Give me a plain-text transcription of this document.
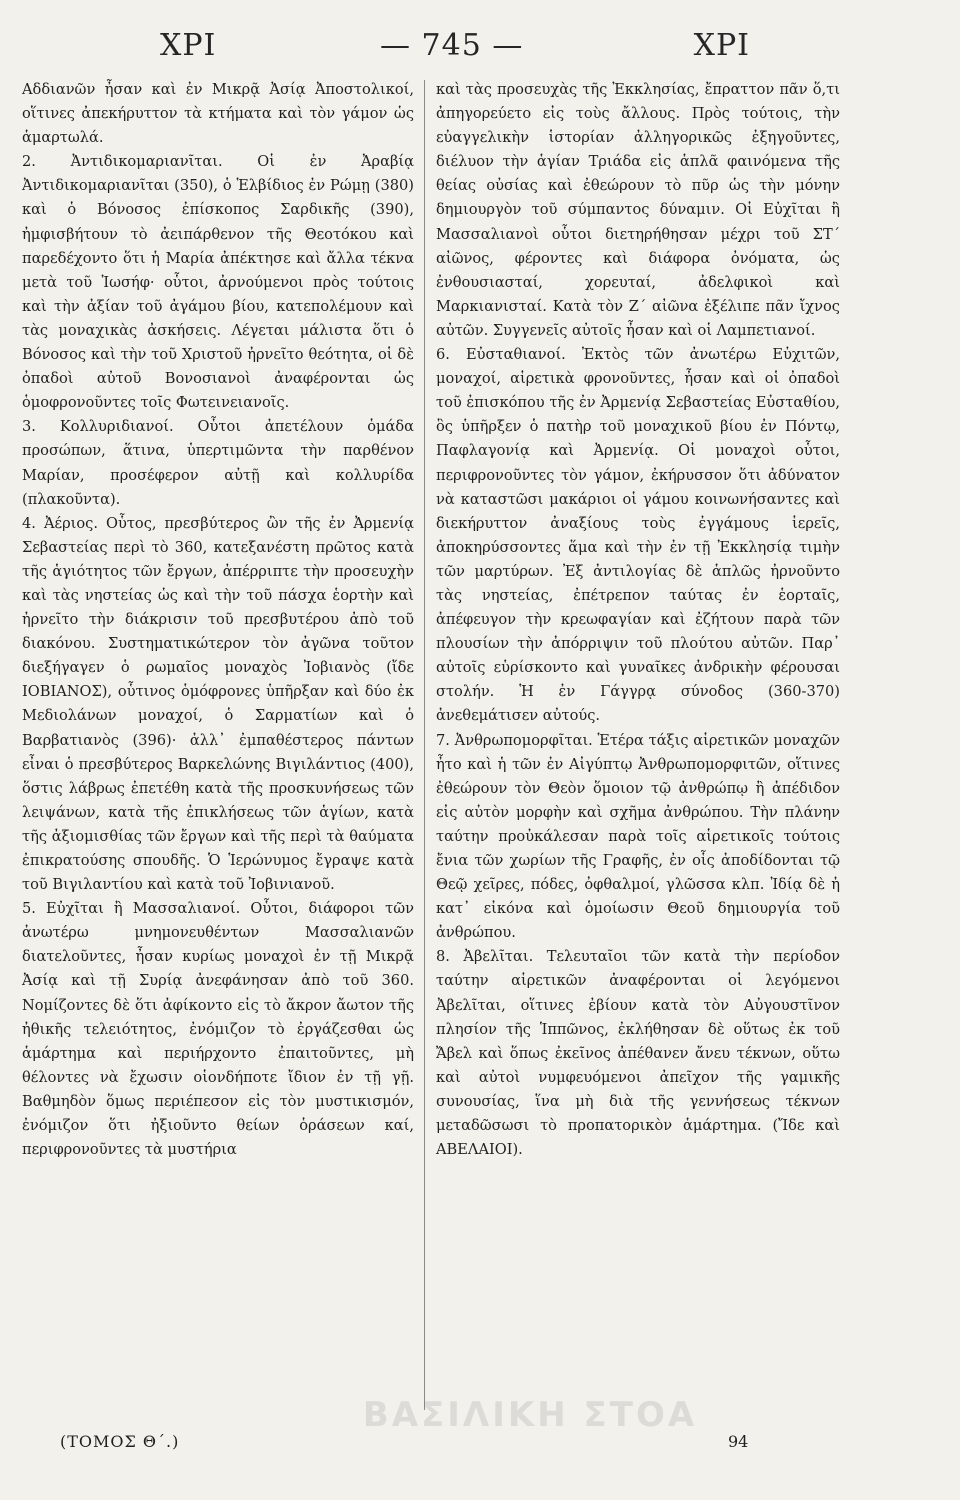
ΧΡΙ	— 745 —	ΧΡΙ

Αδδιανῶν ἦσαν καὶ ἐν Μικρᾷ Ἀσίᾳ Ἀποστολικοί, οἵτινες ἀπεκήρυττον τὰ κτήματα καὶ τὸν γάμον ὡς ἁμαρτωλά.

2. Ἀντιδικομαριανῖται. Οἱ ἐν Ἀραβίᾳ Ἀντιδικομαριανῖται (350), ὁ Ἑλβίδιος ἐν Ρώμῃ (380) καὶ ὁ Βόνοσος ἐπίσκοπος Σαρδικῆς (390), ἠμφισβήτουν τὸ ἀειπάρθενον τῆς Θεοτόκου καὶ παρεδέχοντο ὅτι ἡ Μαρία ἀπέκτησε καὶ ἄλλα τέκνα μετὰ τοῦ Ἰωσήφ· οὗτοι, ἀρνούμενοι πρὸς τούτοις καὶ τὴν ἀξίαν τοῦ ἀγάμου βίου, κατεπολέμουν καὶ τὰς μοναχικὰς ἀσκήσεις. Λέγεται μάλιστα ὅτι ὁ Βόνοσος καὶ τὴν τοῦ Χριστοῦ ἠρνεῖτο θεότητα, οἱ δὲ ὀπαδοὶ αὐτοῦ Βονοσιανοὶ ἀναφέρονται ὡς ὁμοφρονοῦντες τοῖς Φωτεινειανοῖς.

3. Κολλυριδιανοί. Οὗτοι ἀπετέλουν ὁμάδα προσώπων, ἅτινα, ὑπερτιμῶντα τὴν παρθένον Μαρίαν, προσέφερον αὐτῇ καὶ κολλυρίδα (πλακοῦντα).

4. Ἀέριος. Οὗτος, πρεσβύτερος ὢν τῆς ἐν Ἀρμενίᾳ Σεβαστείας περὶ τὸ 360, κατεξανέστη πρῶτος κατὰ τῆς ἁγιότητος τῶν ἔργων, ἀπέρριπτε τὴν προσευχὴν καὶ τὰς νηστείας ὡς καὶ τὴν τοῦ πάσχα ἑορτὴν καὶ ἠρνεῖτο τὴν διάκρισιν τοῦ πρεσβυτέρου ἀπὸ τοῦ διακόνου. Συστηματικώτερον τὸν ἀγῶνα τοῦτον διεξήγαγεν ὁ ρωμαῖος μοναχὸς Ἰοβιανὸς (ἴδε ΙΟΒΙΑΝΟΣ), οὗτινος ὁμόφρονες ὑπῆρξαν καὶ δύο ἐκ Μεδιολάνων μοναχοί, ὁ Σαρματίων καὶ ὁ Βαρβατιανὸς (396)· ἀλλ᾽ ἐμπαθέστερος πάντων εἶναι ὁ πρεσβύτερος Βαρκελώνης Βιγιλάντιος (400), ὅστις λάβρως ἐπετέθη κατὰ τῆς προσκυνήσεως τῶν λειψάνων, κατὰ τῆς ἐπικλήσεως τῶν ἁγίων, κατὰ τῆς ἀξιομισθίας τῶν ἔργων καὶ τῆς περὶ τὰ θαύματα ἐπικρατούσης σπουδῆς. Ὁ Ἱερώνυμος ἔγραψε κατὰ τοῦ Βιγιλαντίου καὶ κατὰ τοῦ Ἰοβινιανοῦ.

5. Εὐχῖται ἢ Μασσαλιανοί. Οὗτοι, διάφοροι τῶν ἀνωτέρω μνημονευθέντων Μασσαλιανῶν διατελοῦντες, ἦσαν κυρίως μοναχοὶ ἐν τῇ Μικρᾷ Ἀσίᾳ καὶ τῇ Συρίᾳ ἀνεφάνησαν ἀπὸ τοῦ 360. Νομίζοντες δὲ ὅτι ἀφίκοντο εἰς τὸ ἄκρον ἄωτον τῆς ἠθικῆς τελειότητος, ἐνόμιζον τὸ ἐργάζεσθαι ὡς ἁμάρτημα καὶ περιήρχοντο ἐπαιτοῦντες, μὴ θέλοντες νὰ ἔχωσιν οἱονδήποτε ἴδιον ἐν τῇ γῇ. Βαθμηδὸν ὅμως περιέπεσον εἰς τὸν μυστικισμόν, ἐνόμιζον ὅτι ἠξιοῦντο θείων ὁράσεων καί, περιφρονοῦντες τὰ μυστήρια

καὶ τὰς προσευχὰς τῆς Ἐκκλησίας, ἔπραττον πᾶν ὅ,τι ἀπηγορεύετο εἰς τοὺς ἄλλους. Πρὸς τούτοις, τὴν εὐαγγελικὴν ἱστορίαν ἀλληγορικῶς ἐξηγοῦντες, διέλυον τὴν ἁγίαν Τριάδα εἰς ἁπλᾶ φαινόμενα τῆς θείας οὐσίας καὶ ἐθεώρουν τὸ πῦρ ὡς τὴν μόνην δημιουργὸν τοῦ σύμπαντος δύναμιν. Οἱ Εὐχῖται ἢ Μασσαλιανοὶ οὗτοι διετηρήθησαν μέχρι τοῦ ΣΤ΄ αἰῶνος, φέροντες καὶ διάφορα ὀνόματα, ὡς ἐνθουσιασταί, χορευταί, ἀδελφικοὶ καὶ Μαρκιανισταί. Κατὰ τὸν Ζ΄ αἰῶνα ἐξέλιπε πᾶν ἴχνος αὐτῶν. Συγγενεῖς αὐτοῖς ἦσαν καὶ οἱ Λαμπετιανοί.

6. Εὐσταθιανοί. Ἐκτὸς τῶν ἀνωτέρω Εὐχιτῶν, μοναχοί, αἱρετικὰ φρονοῦντες, ἦσαν καὶ οἱ ὀπαδοὶ τοῦ ἐπισκόπου τῆς ἐν Ἀρμενίᾳ Σεβαστείας Εὐσταθίου, ὃς ὑπῆρξεν ὁ πατὴρ τοῦ μοναχικοῦ βίου ἐν Πόντῳ, Παφλαγονίᾳ καὶ Ἀρμενίᾳ. Οἱ μοναχοὶ οὗτοι, περιφρονοῦντες τὸν γάμον, ἐκήρυσσον ὅτι ἀδύνατον νὰ καταστῶσι μακάριοι οἱ γάμου κοινωνήσαντες καὶ διεκήρυττον ἀναξίους τοὺς ἐγγάμους ἱερεῖς, ἀποκηρύσσοντες ἅμα καὶ τὴν ἐν τῇ Ἐκκλησίᾳ τιμὴν τῶν μαρτύρων. Ἐξ ἀντιλογίας δὲ ἁπλῶς ἠρνοῦντο τὰς νηστείας, ἐπέτρεπον ταύτας ἐν ἑορταῖς, ἀπέφευγον τὴν κρεωφαγίαν καὶ ἐζήτουν παρὰ τῶν πλουσίων τὴν ἀπόρριψιν τοῦ πλούτου αὐτῶν. Παρ᾽ αὐτοῖς εὑρίσκοντο καὶ γυναῖκες ἀνδρικὴν φέρουσαι στολήν. Ἡ ἐν Γάγγρᾳ σύνοδος (360-370) ἀνεθεμάτισεν αὐτούς.

7. Ἀνθρωπομορφῖται. Ἑτέρα τάξις αἱρετικῶν μοναχῶν ἦτο καὶ ἡ τῶν ἐν Αἰγύπτῳ Ἀνθρωπομορφιτῶν, οἵτινες ἐθεώρουν τὸν Θεὸν ὅμοιον τῷ ἀνθρώπῳ ἢ ἀπέδιδον εἰς αὐτὸν μορφὴν καὶ σχῆμα ἀνθρώπου. Τὴν πλάνην ταύτην προὐκάλεσαν παρὰ τοῖς αἱρετικοῖς τούτοις ἔνια τῶν χωρίων τῆς Γραφῆς, ἐν οἷς ἀποδίδονται τῷ Θεῷ χεῖρες, πόδες, ὀφθαλμοί, γλῶσσα κλπ. Ἰδίᾳ δὲ ἡ κατ᾽ εἰκόνα καὶ ὁμοίωσιν Θεοῦ δημιουργία τοῦ ἀνθρώπου.

8. Ἀβελῖται. Τελευταῖοι τῶν κατὰ τὴν περίοδον ταύτην αἱρετικῶν ἀναφέρονται οἱ λεγόμενοι Ἀβελῖται, οἵτινες ἐβίουν κατὰ τὸν Αὐγουστῖνον πλησίον τῆς Ἱππῶνος, ἐκλήθησαν δὲ οὕτως ἐκ τοῦ Ἄβελ καὶ ὅπως ἐκεῖνος ἀπέθανεν ἄνευ τέκνων, οὕτω καὶ αὐτοὶ νυμφευόμενοι ἀπεῖχον τῆς γαμικῆς συνουσίας, ἵνα μὴ διὰ τῆς γεννήσεως τέκνων μεταδῶσωσι τὸ προπατορικὸν ἁμάρτημα. (Ἴδε καὶ ΑΒΕΛΑΙΟΙ).

ΒΑΣΙΛΙΚΗ ΣΤΟΑ
(ΤΟΜΟΣ Θ΄.)	94
